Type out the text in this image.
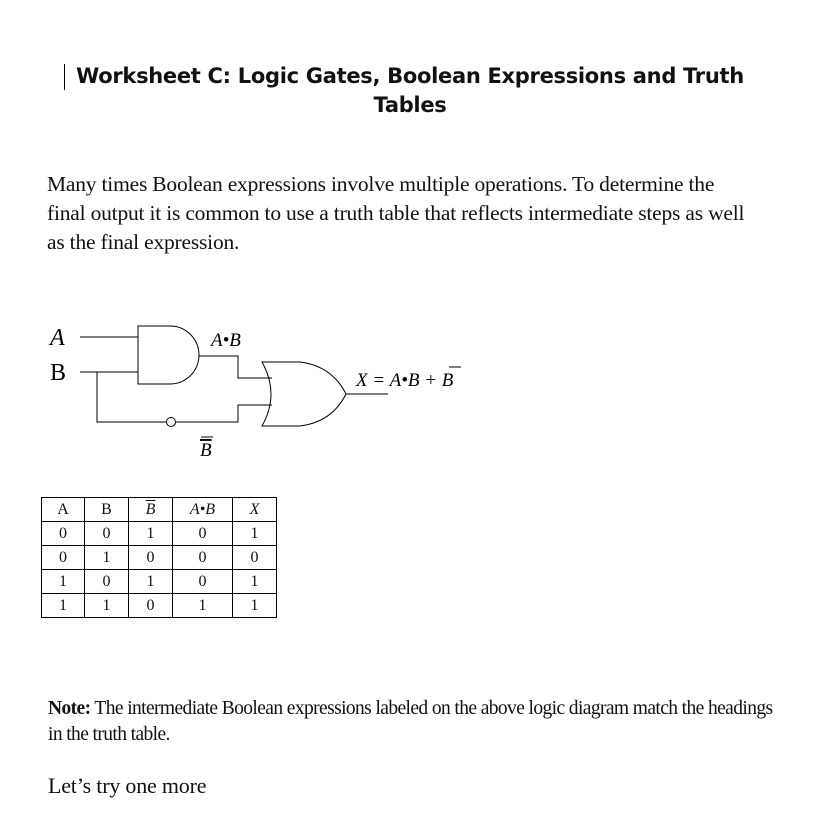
Worksheet C: Logic Gates, Boolean Expressions and Truth
Tables
Many times Boolean expressions involve multiple operations. To determine the final output it is common to use a truth table that reflects intermediate steps as well as the final expression.
A
B
A•B
B
X = A•B + B
A	B	$\overline{B}$	A•B	X
0	0	1	0	1
0	1	0	0	0
1	0	1	0	1
1	1	0	1	1
Note: The intermediate Boolean expressions labeled on the above logic diagram match the headings in the truth table.
Let’s try one more
